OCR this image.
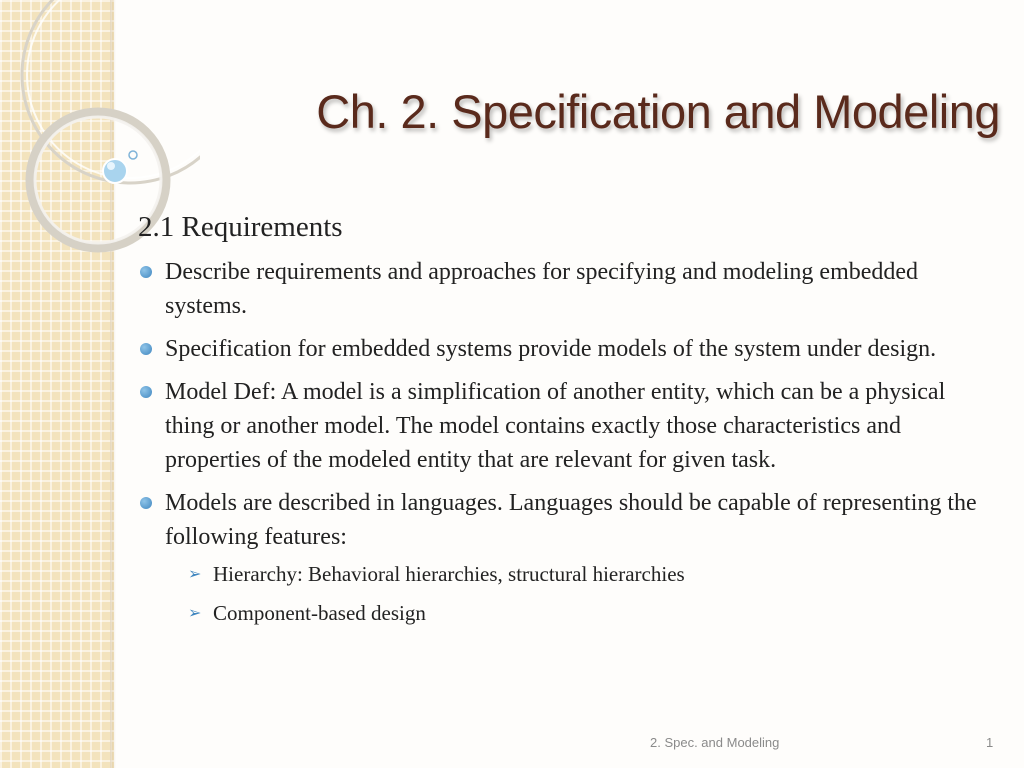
Ch. 2. Specification and Modeling
2.1 Requirements
Describe requirements and approaches for specifying and modeling embedded systems.
Specification for embedded systems provide models of the system under design.
Model Def: A model is a simplification of another entity, which can be a physical thing or another model. The model contains exactly those characteristics and properties of the modeled entity that are relevant for given task.
Models are described in languages. Languages should be capable of representing the following features:
➢ Hierarchy: Behavioral hierarchies, structural hierarchies
➢ Component-based design
2. Spec. and Modeling	1
